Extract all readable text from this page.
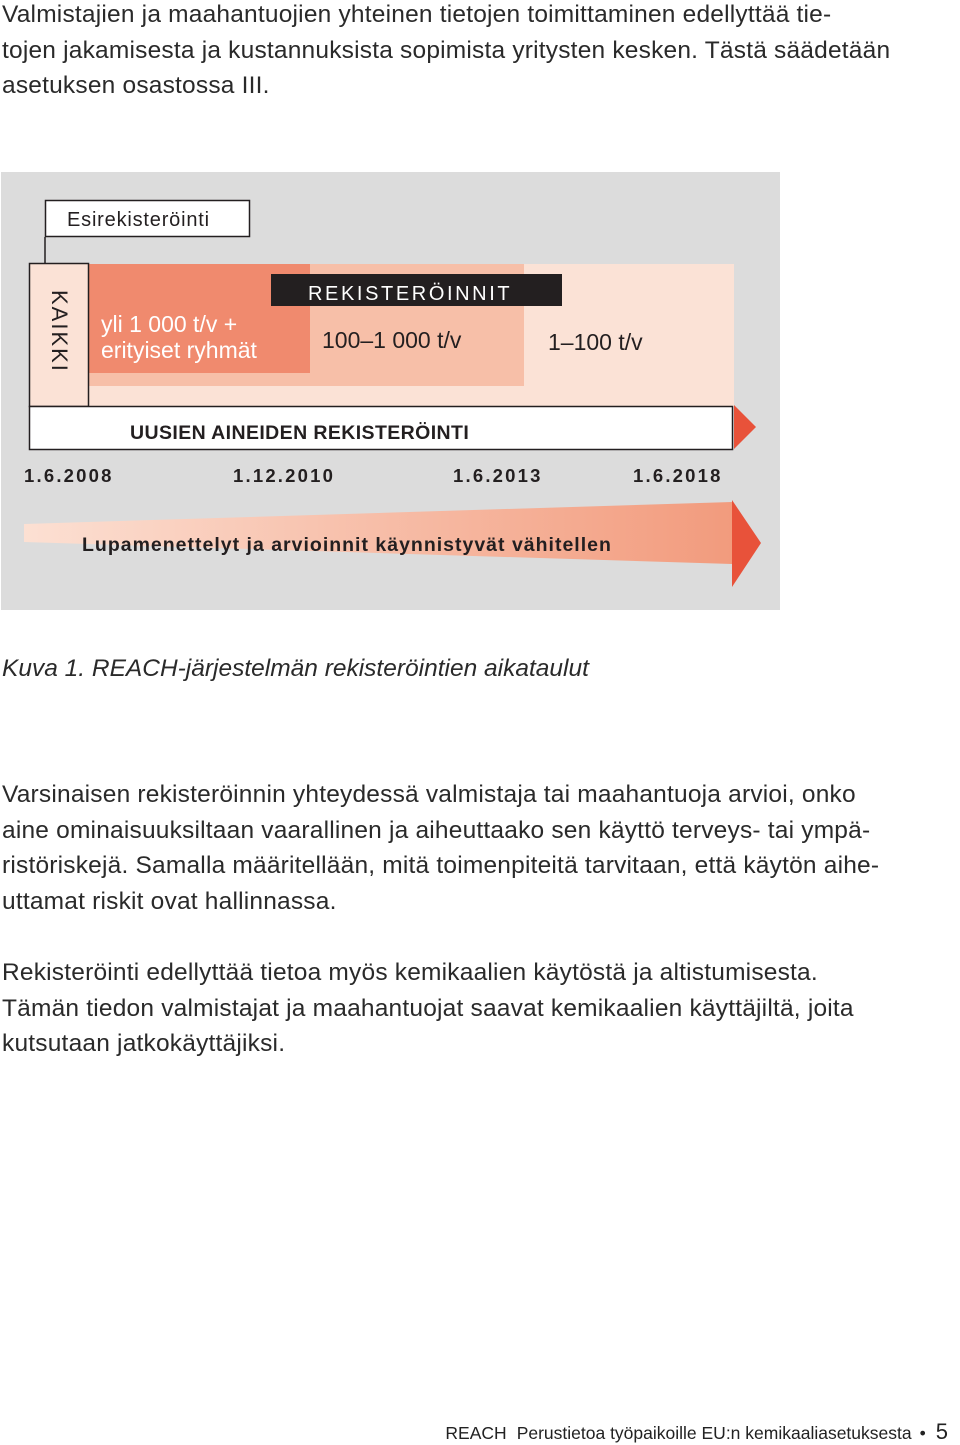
Valmistajien ja maahantuojien yhteinen tietojen toimittaminen edellyttää tie-
tojen jakamisesta ja kustannuksista sopimista yritysten kesken. Tästä säädetään
asetuksen osastossa III.
Esirekisteröinti
KAIKKI yli 1 000 t/v +
erityiset ryhmät
REKISTERÖINNIT
100–1 000 t/v	1–100 t/v
UUSIEN AINEIDEN REKISTERÖINTI
1.6.2008	1.12.2010	1.6.2013	1.6.2018
Lupamenettelyt ja arvioinnit käynnistyvät vähitellen

Kuva 1. REACH-järjestelmän rekisteröintien aikataulut

Varsinaisen rekisteröinnin yhteydessä valmistaja tai maahantuoja arvioi, onko
aine ominaisuuksiltaan vaarallinen ja aiheuttaako sen käyttö terveys- tai ympä-
ristöriskejä. Samalla määritellään, mitä toimenpiteitä tarvitaan, että käytön aihe-
uttamat riskit ovat hallinnassa.
Rekisteröinti edellyttää tietoa myös kemikaalien käytöstä ja altistumisesta.
Tämän tiedon valmistajat ja maahantuojat saavat kemikaalien käyttäjiltä, joita
kutsutaan jatkokäyttäjiksi.
REACH Perustietoa työpaikoille EU:n kemikaaliasetuksesta • 5
